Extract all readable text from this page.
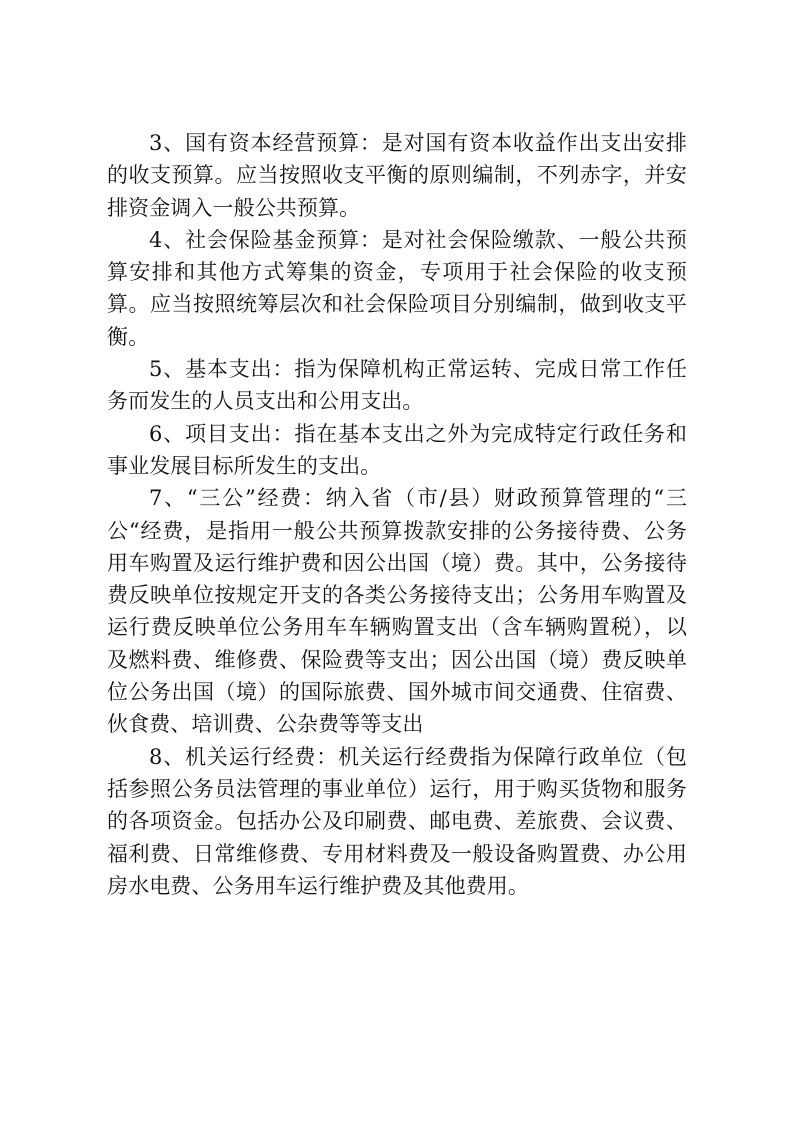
3、国有资本经营预算：是对国有资本收益作出支出安排的收支预算。应当按照收支平衡的原则编制，不列赤字，并安排资金调入一般公共预算。

4、社会保险基金预算：是对社会保险缴款、一般公共预算安排和其他方式筹集的资金，专项用于社会保险的收支预算。应当按照统筹层次和社会保险项目分别编制，做到收支平衡。

5、基本支出：指为保障机构正常运转、完成日常工作任务而发生的人员支出和公用支出。

6、项目支出：指在基本支出之外为完成特定行政任务和事业发展目标所发生的支出。

7、“三公”经费：纳入省（市/县）财政预算管理的“三公“经费，是指用一般公共预算拨款安排的公务接待费、公务用车购置及运行维护费和因公出国（境）费。其中，公务接待费反映单位按规定开支的各类公务接待支出；公务用车购置及运行费反映单位公务用车车辆购置支出（含车辆购置税），以及燃料费、维修费、保险费等支出；因公出国（境）费反映单位公务出国（境）的国际旅费、国外城市间交通费、住宿费、伙食费、培训费、公杂费等等支出

8、机关运行经费：机关运行经费指为保障行政单位（包括参照公务员法管理的事业单位）运行，用于购买货物和服务的各项资金。包括办公及印刷费、邮电费、差旅费、会议费、福利费、日常维修费、专用材料费及一般设备购置费、办公用房水电费、公务用车运行维护费及其他费用。
